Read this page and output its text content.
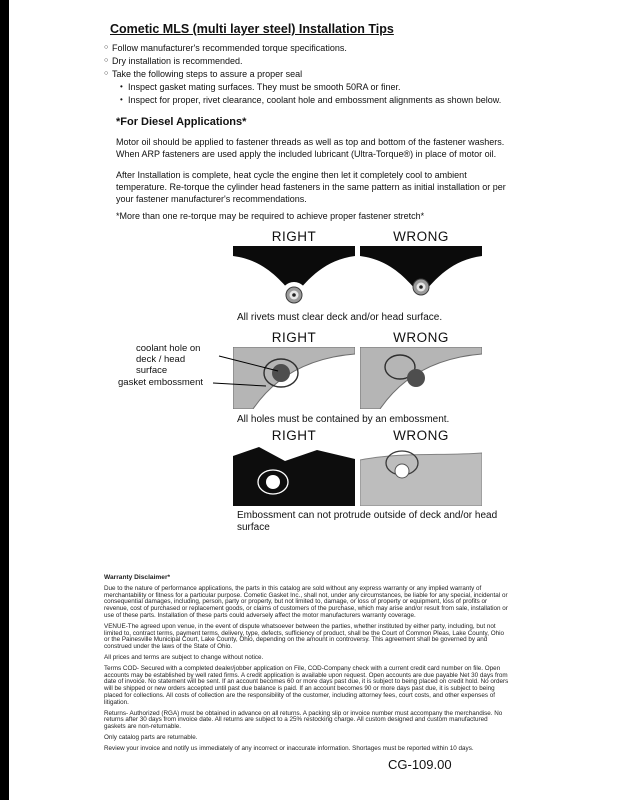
Cometic MLS (multi layer steel) Installation Tips
○ Follow manufacturer's recommended torque specifications.
○ Dry installation is recommended.
○ Take the following steps to assure a proper seal
• Inspect gasket mating surfaces. They must be smooth 50RA or finer.
• Inspect for proper, rivet clearance, coolant hole and embossment alignments as shown below.
*For Diesel Applications*
Motor oil should be applied to fastener threads as well as top and bottom of the fastener washers. When ARP fasteners are used apply the included lubricant (Ultra-Torque®) in place of motor oil.
After Installation is complete, heat cycle the engine then let it completely cool to ambient temperature. Re-torque the cylinder head fasteners in the same pattern as initial installation or per your fastener manufacturer's recommendations.
*More than one re-torque may be required to achieve proper fastener stretch*
RIGHT	WRONG
All rivets must clear deck and/or head surface.
coolant hole on deck / head surface
gasket embossment
RIGHT	WRONG
All holes must be contained by an embossment.
RIGHT	WRONG
Embossment can not protrude outside of deck and/or head surface
Warranty Disclaimer*

Due to the nature of performance applications, the parts in this catalog are sold without any express warranty or any implied warranty of merchantability or fitness for a particular purpose. Cometic Gasket Inc., shall not, under any circumstances, be liable for any special, incidental or consequential damages, including, person, party or property, but not limited to, damage, or loss of property or equipment, loss of profits or revenue, cost of purchased or replacement goods, or claims of customers of the purchase, which may arise and/or result from sale, installation or use of these parts. Installation of these parts could adversely affect the motor manufacturers warranty coverage.

VENUE-The agreed upon venue, in the event of dispute whatsoever between the parties, whether instituted by either party, including, but not limited to, contract terms, payment terms, delivery, type, defects, sufficiency of product, shall be the Court of Common Pleas, Lake County, Ohio or the Painesville Municipal Court, Lake County, Ohio, depending on the amount in controversy. This agreement shall be governed by and construed under the laws of the State of Ohio.

All prices and terms are subject to change without notice.

Terms COD- Secured with a completed dealer/jobber application on File, COD-Company check with a current credit card number on file. Open accounts may be established by well rated firms. A credit application is available upon request. Open accounts are due payable Net 30 days from date of invoice. No statement will be sent. If an account becomes 60 or more days past due, it is subject to being placed on credit hold. No orders will be shipped or new orders accepted until past due balance is paid. If an account becomes 90 or more days past due, it is subject to being placed for collections. All costs of collection are the responsibility of the customer, including attorney fees, court costs, and other expenses of litigation.

Returns- Authorized (RGA) must be obtained in advance on all returns. A packing slip or invoice number must accompany the merchandise. No returns after 30 days from invoice date. All returns are subject to a 25% restocking charge. All custom designed and custom manufactured gaskets are non-returnable.

Only catalog parts are returnable.

Review your invoice and notify us immediately of any incorrect or inaccurate information. Shortages must be reported within 10 days.

CG-109.00
